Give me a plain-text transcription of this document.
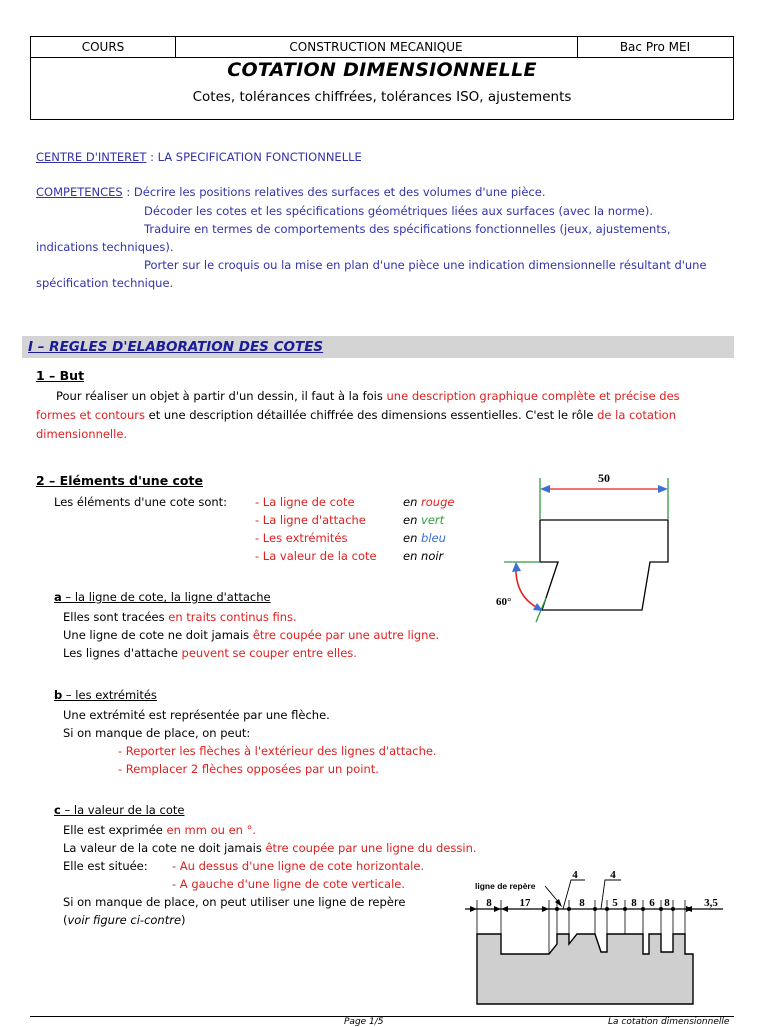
COURS	CONSTRUCTION MECANIQUE	Bac Pro MEI
COTATION DIMENSIONNELLE
Cotes, tolérances chiffrées, tolérances ISO, ajustements
CENTRE D'INTERET : LA SPECIFICATION FONCTIONNELLE
COMPETENCES : Décrire les positions relatives des surfaces et des volumes d'une pièce.
Décoder les cotes et les spécifications géométriques liées aux surfaces (avec la norme).
Traduire en termes de comportements des spécifications fonctionnelles (jeux, ajustements,
indications techniques).
Porter sur le croquis ou la mise en plan d'une pièce une indication dimensionnelle résultant d'une
spécification technique.
I – REGLES D'ELABORATION DES COTES
1 – But
Pour réaliser un objet à partir d'un dessin, il faut à la fois une description graphique complète et précise des
formes et contours et une description détaillée chiffrée des dimensions essentielles. C'est le rôle de la cotation
dimensionnelle.
2 – Eléments d'une cote
Les éléments d'une cote sont: - La ligne de cote	en rouge
- La ligne d'attache	en vert
- Les extrémités	en bleu
- La valeur de la cote en noir
a – la ligne de cote, la ligne d'attache
Elles sont tracées en traits continus fins.
Une ligne de cote ne doit jamais être coupée par une autre ligne.
Les lignes d'attache peuvent se couper entre elles.
b – les extrémités
Une extrémité est représentée par une flèche.
Si on manque de place, on peut:
- Reporter les flèches à l'extérieur des lignes d'attache.
- Remplacer 2 flèches opposées par un point.
c – la valeur de la cote
Elle est exprimée en mm ou en °.
La valeur de la cote ne doit jamais être coupée par une ligne du dessin.
Elle est située: - Au dessus d'une ligne de cote horizontale.
- A gauche d'une ligne de cote verticale.
Si on manque de place, on peut utiliser une ligne de repère
(voir figure ci-contre)
50
60°
ligne de repère
8	17
4	4
8	5 8 6 8	3,5
Page 1/5	La cotation dimensionnelle
